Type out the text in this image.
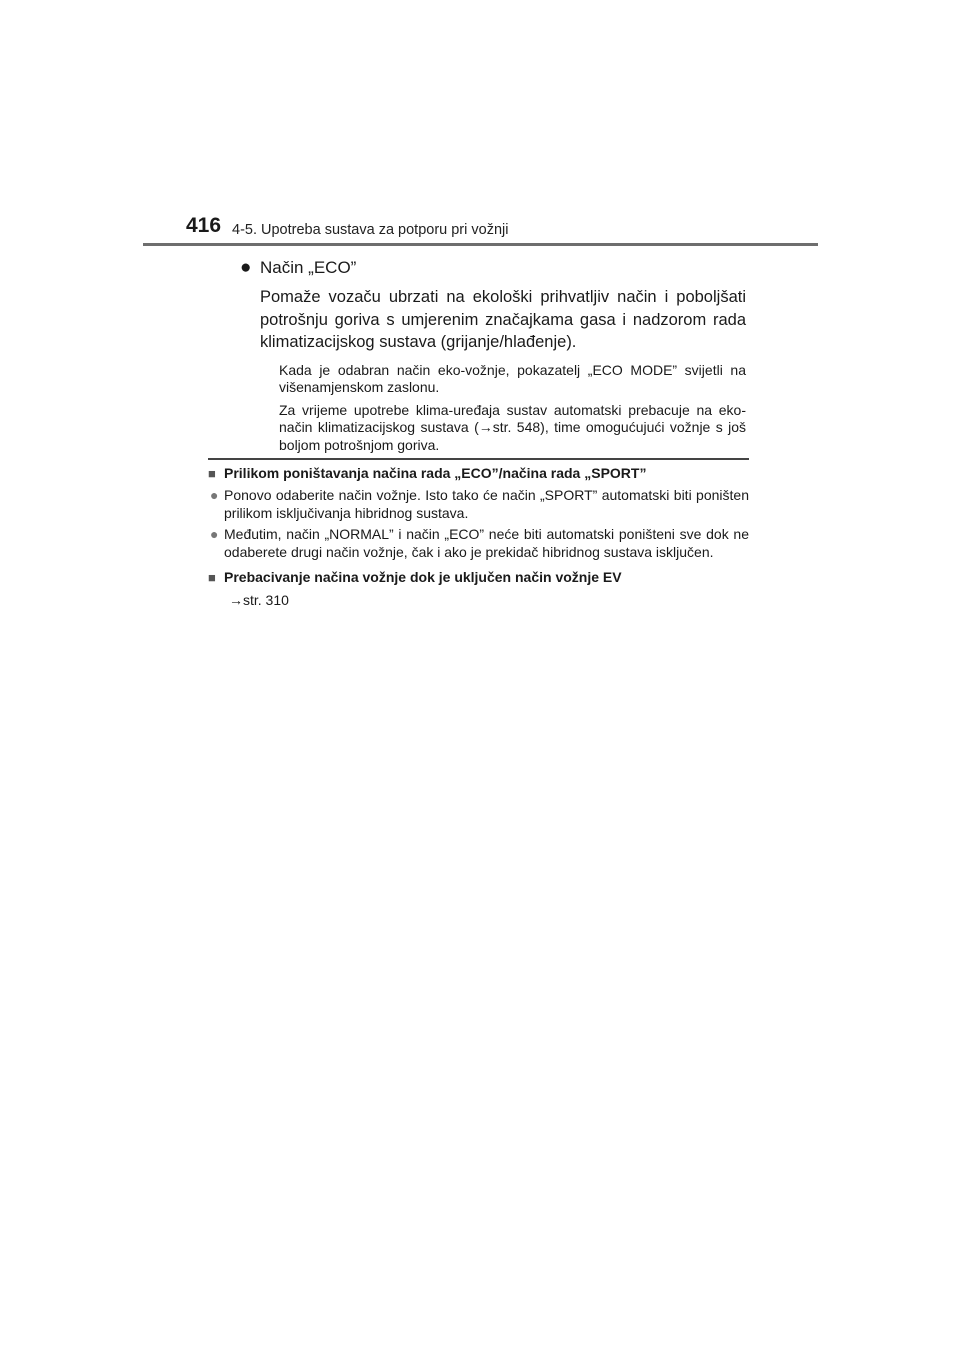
416 4-5. Upotreba sustava za potporu pri vožnji
● Način „ECO”
Pomaže vozaču ubrzati na ekološki prihvatljiv način i poboljšati potrošnju goriva s umjerenim značajkama gasa i nadzorom rada klimatizacijskog sustava (grijanje/hlađenje).
Kada je odabran način eko-vožnje, pokazatelj „ECO MODE” svijetli na višenamjenskom zaslonu.
Za vrijeme upotrebe klima-uređaja sustav automatski prebacuje na eko-način klimatizacijskog sustava (→str. 548), time omogućujući vožnje s još boljom potrošnjom goriva.
■ Prilikom poništavanja načina rada „ECO”/načina rada „SPORT”
● Ponovo odaberite način vožnje. Isto tako će način „SPORT” automatski biti poništen prilikom isključivanja hibridnog sustava.
● Međutim, način „NORMAL” i način „ECO” neće biti automatski poništeni sve dok ne odaberete drugi način vožnje, čak i ako je prekidač hibridnog sustava isključen.
■ Prebacivanje načina vožnje dok je uključen način vožnje EV
→str. 310
